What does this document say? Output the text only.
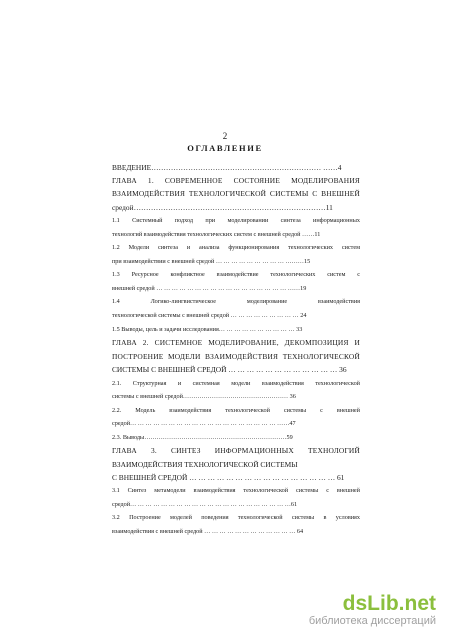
2
ОГЛАВЛЕНИЕ
ВВЕДЕНИЕ…………………………………………………………… ……4
ГЛАВА 1. СОВРЕМЕННОЕ СОСТОЯНИЕ МОДЕЛИРОВАНИЯ
ВЗАИМОДЕЙСТВИЯ ТЕХНОЛОГИЧЕСКОЙ СИСТЕМЫ С ВНЕШНЕЙ
средой……………………………………………………………………11
1.1 Системный подход при моделировании синтеза информационных
технологий взаимодействия технологических систем с внешней средой ……11
1.2 Модели синтеза и анализа функционирования технологических систем
при взаимодействии с внешней средой … … … … … … … … … ………15
1.3 Ресурсное конфликтное взаимодействие технологических систем с
внешней средой … … … … … … … … … … … … … … … … … ……19
1.4 Логико-лингвистическое моделирование взаимодействия
технологической системы с внешней средой … … … … … … … … … 24
1.5 Выводы, цель и задачи исследования… … … … … … … … … … 33
ГЛАВА 2. СИСТЕМНОЕ МОДЕЛИРОВАНИЕ, ДЕКОМПОЗИЦИЯ И
ПОСТРОЕНИЕ МОДЕЛИ ВЗАИМОДЕЙСТВИЯ ТЕХНОЛОГИЧЕСКОЙ
СИСТЕМЫ С ВНЕШНЕЙ СРЕДОЙ … … … … … … … … … … … … 36
2.1. Структурная и системная модели взаимодействия технологической
системы с внешней средой…………………………………………… 36
2.2. Модель взаимодействия технологической системы с внешней
средой… … … … … … … … … … … … … … … … … … … ……47
2.3. Выводы……………………………………………………………59
ГЛАВА 3. СИНТЕЗ ИНФОРМАЦИОННЫХ ТЕХНОЛОГИЙ
ВЗАИМОДЕЙСТВИЯ ТЕХНОЛОГИЧЕСКОЙ СИСТЕМЫ
С ВНЕШНЕЙ СРЕДОЙ … … … … … … … … … … … … … … … … 61
3.1 Синтез метамодели взаимодействия технологической системы с внешней
средой… … … … … … … … … … … … … … … … … … … … …61
3.2 Построение моделей поведения технологической системы в условиях
взаимодействия с внешней средой … … … … … … … … … … … … 64
dsLib.net
библиотека диссертаций
